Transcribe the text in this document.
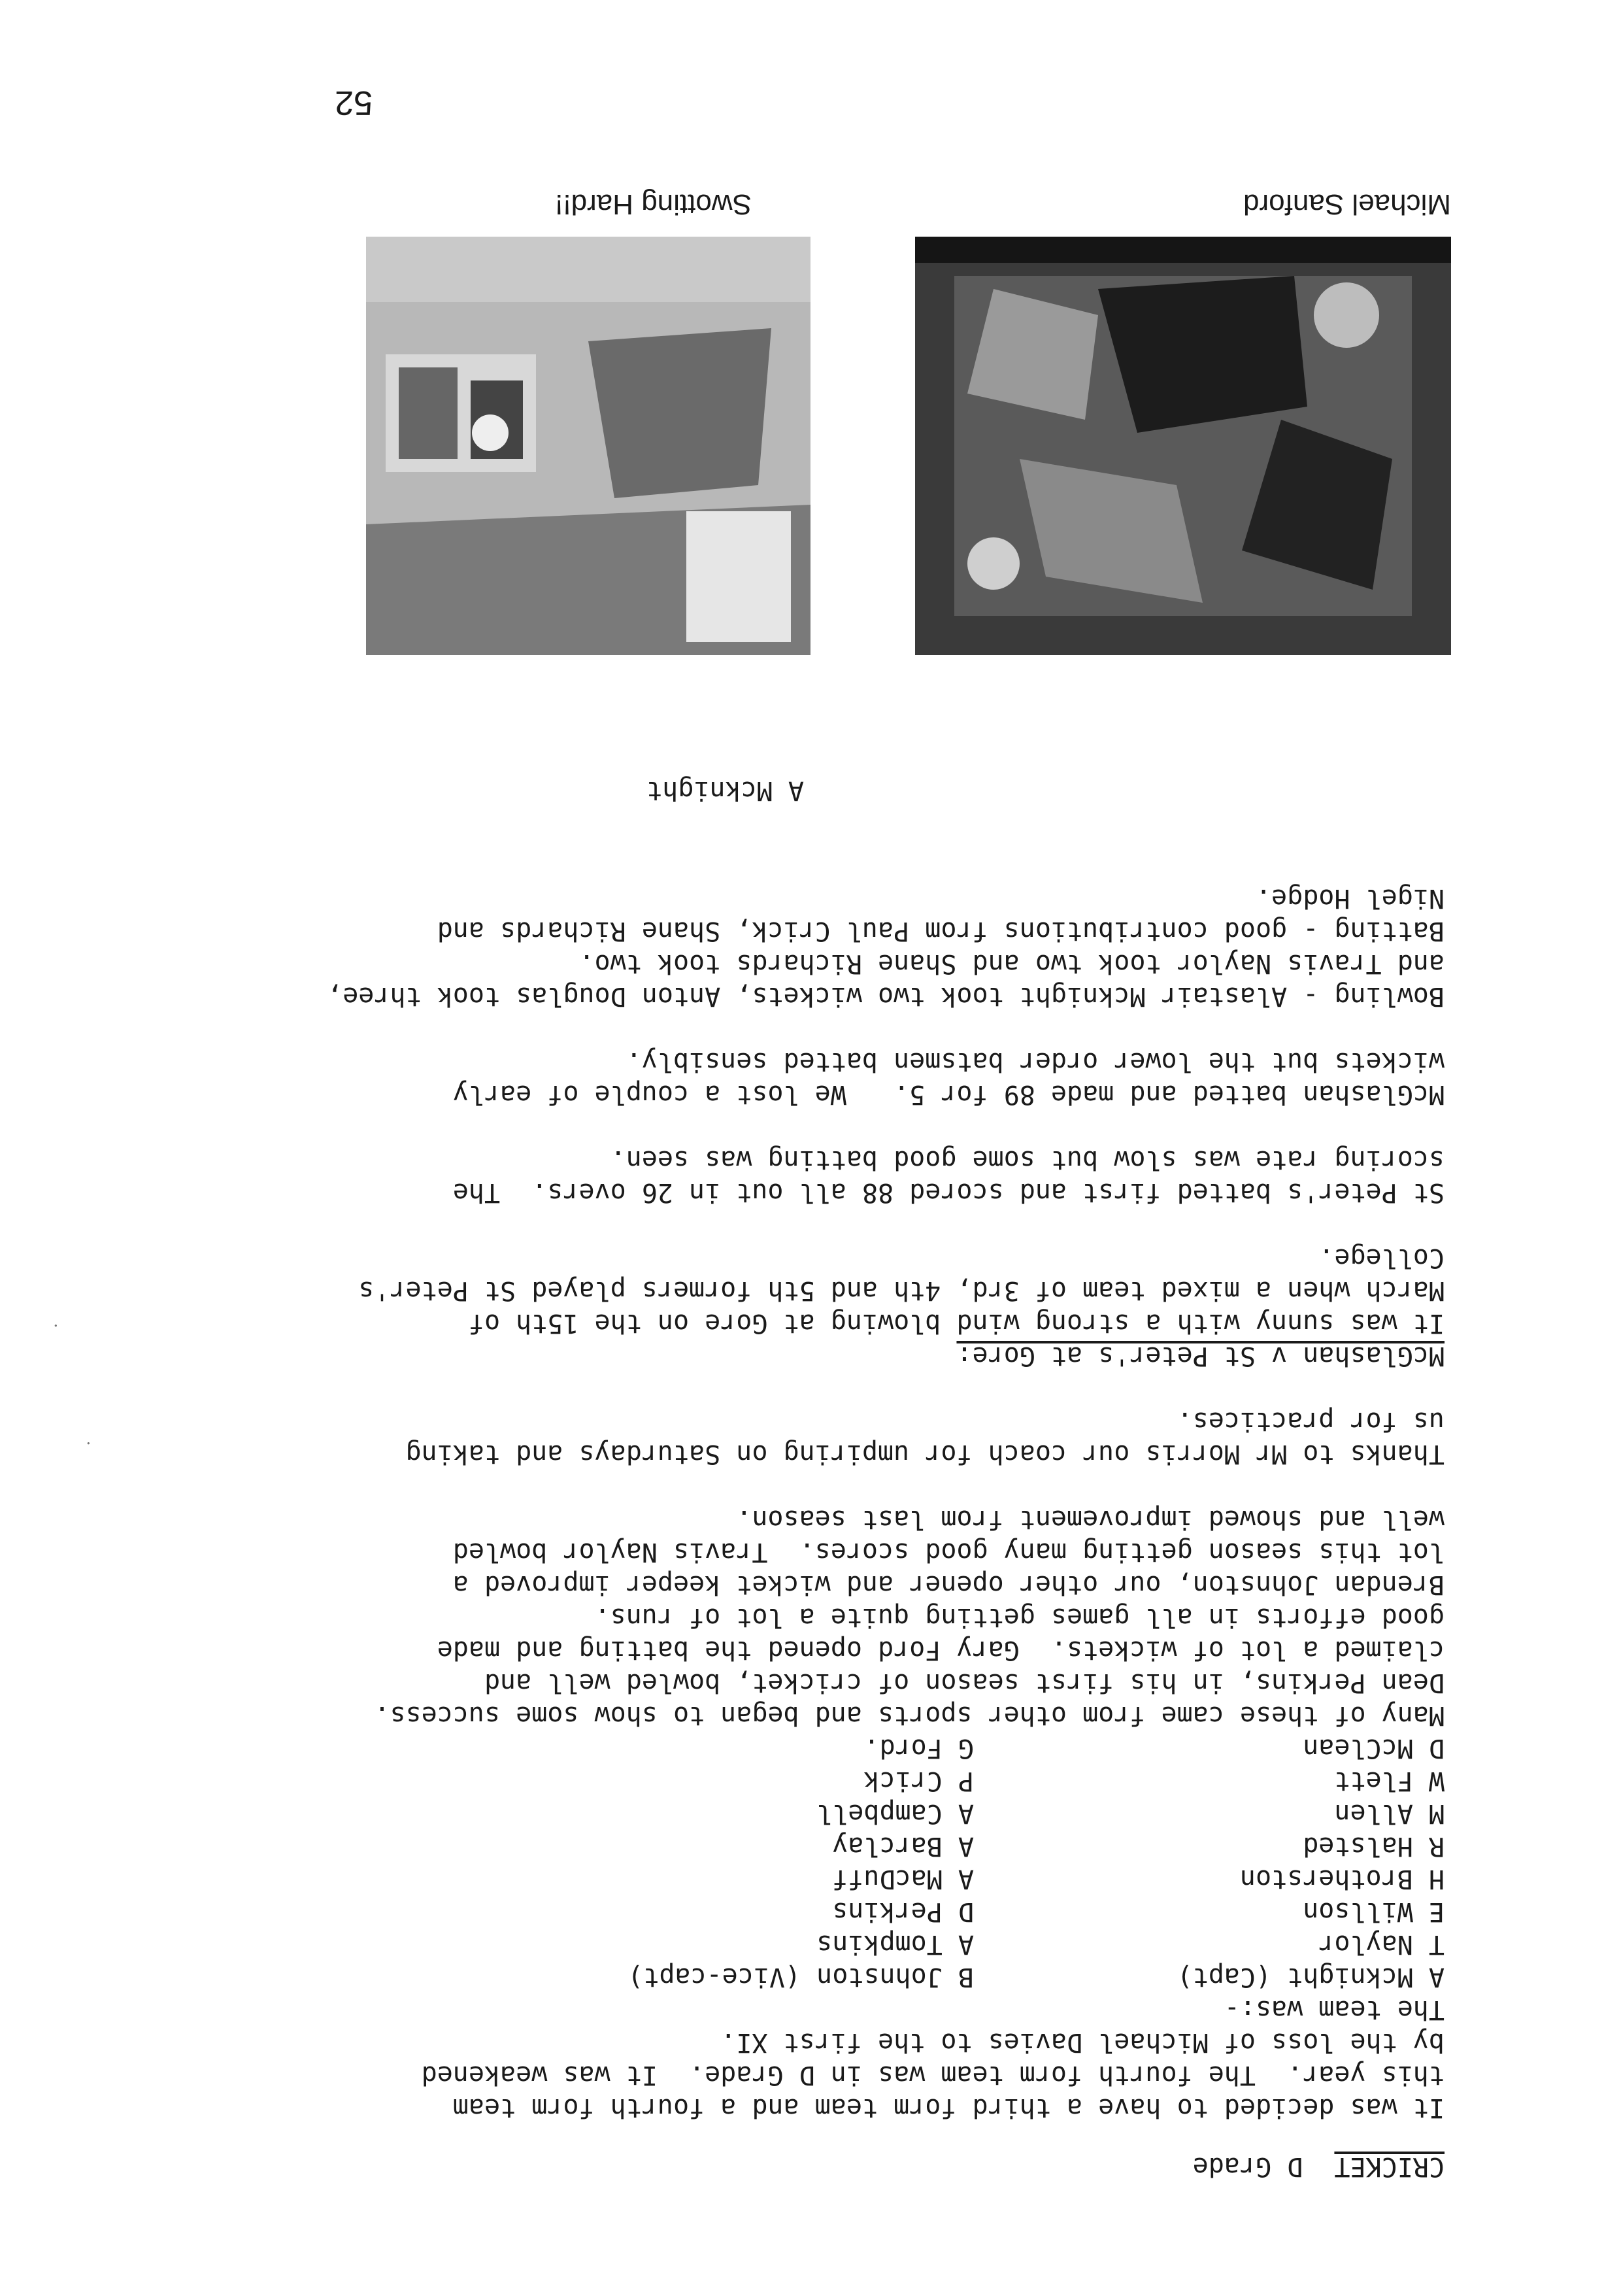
CRICKET  D Grade
It was decided to have a third form team and a fourth form team
this year.  The fourth form team was in D Grade.  It was weakened
by the loss of Michael Davies to the first XI.
The team was:-
A Mcknight (Capt)
T Naylor
E Willson
H Brotherston
R Halsted
M Allen
W Flett
D McClean
B Johnston (Vice-capt)
A Tompkins
D Perkins
A MacDuff
A Barclay
A Campbell
P Crick
G Ford.
Many of these came from other sports and began to show some success.
Dean Perkins, in his first season of cricket, bowled well and
claimed a lot of wickets.  Gary Ford opened the batting and made
good efforts in all games getting quite a lot of runs.
Brendan Johnston, our other opener and wicket keeper improved a
lot this season getting many good scores.  Travis Naylor bowled
well and showed improvement from last season.
Thanks to Mr Morris our coach for umpiring on Saturdays and taking
us for practices.
McGlashan v St Peter's at Gore:
It was sunny with a strong wind blowing at Gore on the 15th of
March when a mixed team of 3rd, 4th and 5th formers played St Peter's
College.
St Peter's batted first and scored 88 all out in 26 overs.  The
scoring rate was slow but some good batting was seen.
McGlashan batted and made 89 for 5.   We lost a couple of early
wickets but the lower order batsmen batted sensibly.
Bowling - Alastair Mcknight took two wickets, Anton Douglas took three,
and Travis Naylor took two and Shane Richards took two.
Batting - good contributions from Paul Crick, Shane Richards and
Nigel Hodge.
A Mcknight
Michael Sanford
Swotting Hard!!
52
·
·
